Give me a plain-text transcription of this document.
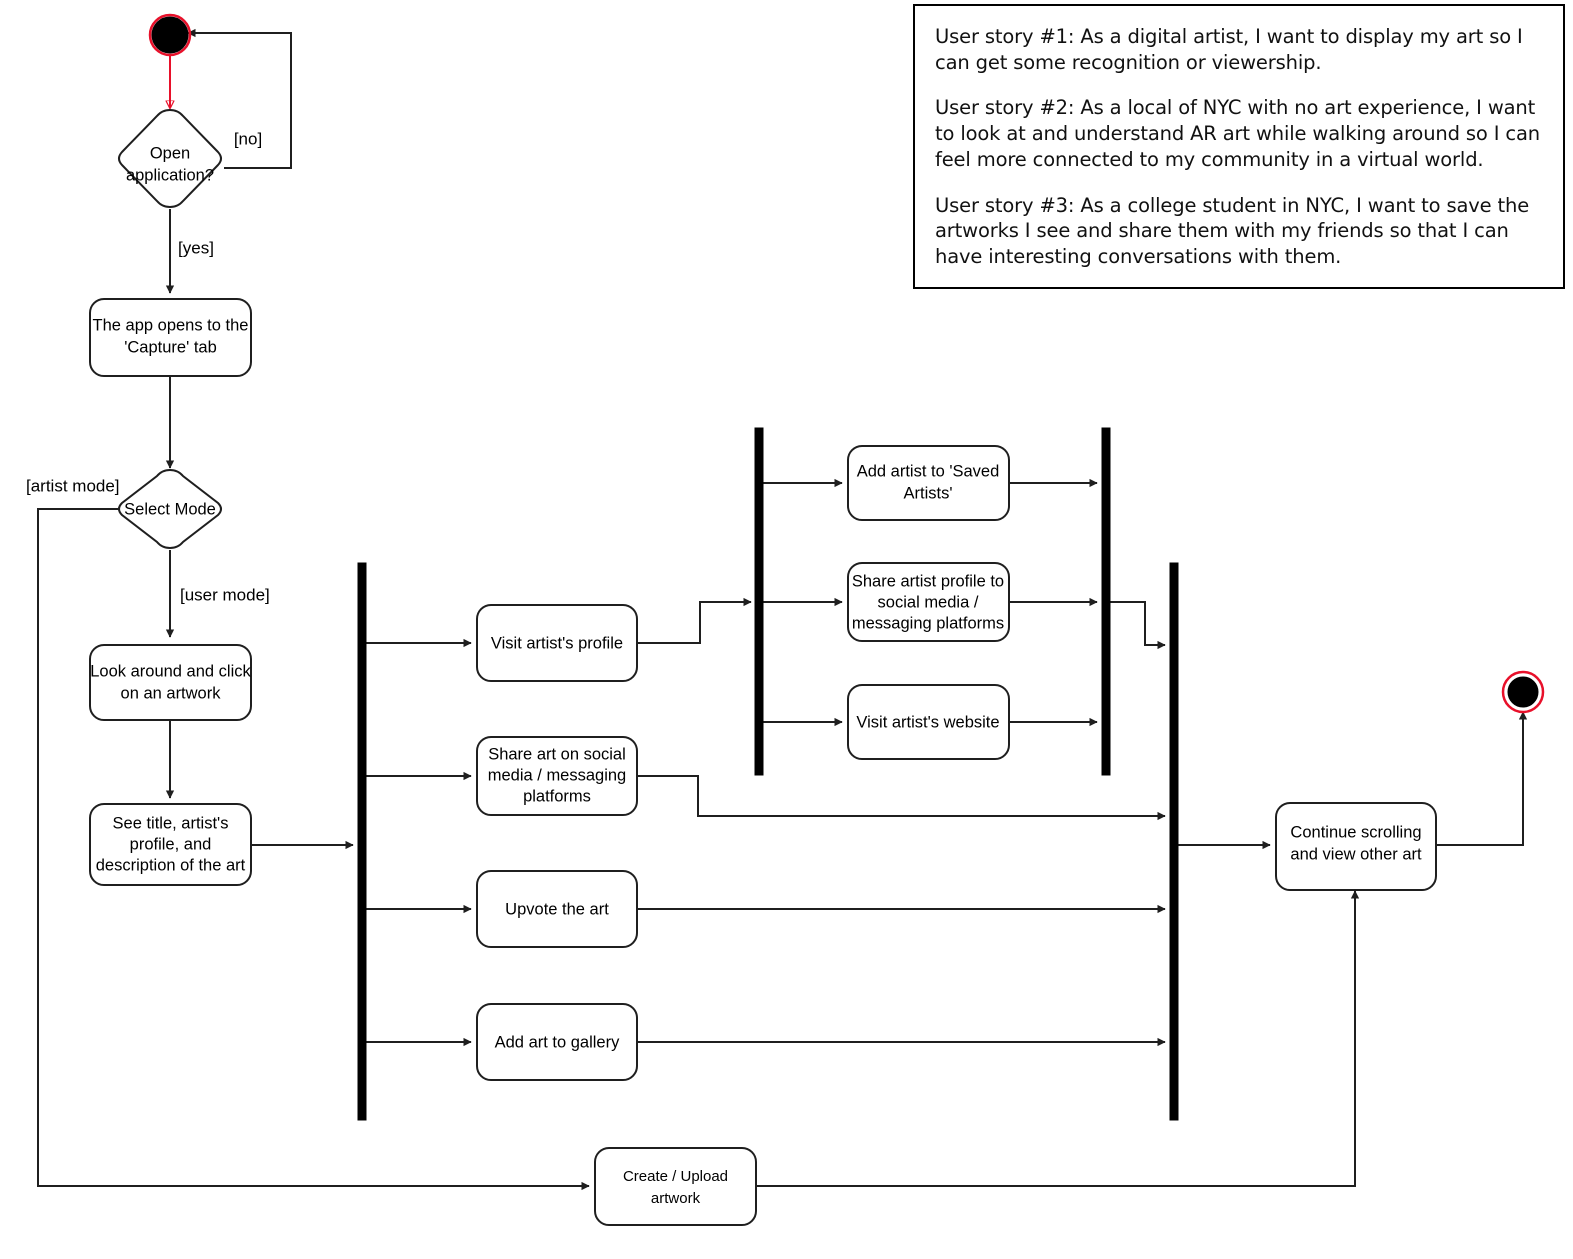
Open
application?
[no]
[yes]
The app opens to the
'Capture' tab
Select Mode
[artist mode]
[user mode]
Look around and click
on an artwork
See title, artist's
profile, and
description of the art
Visit artist's profile
Share art on social
media / messaging
platforms
Upvote the art
Add art to gallery
Add artist to 'Saved
Artists'
Share artist profile to
social media /
messaging platforms
Visit artist's website
Continue scrolling
and view other art
Create / Upload
artwork

User story #1: As a digital artist, I want to display my art so I can get some recognition or viewership.

User story #2: As a local of NYC with no art experience, I want to look at and understand AR art while walking around so I can feel more connected to my community in a virtual world.

User story #3: As a college student in NYC, I want to save the artworks I see and share them with my friends so that I can have interesting conversations with them.
